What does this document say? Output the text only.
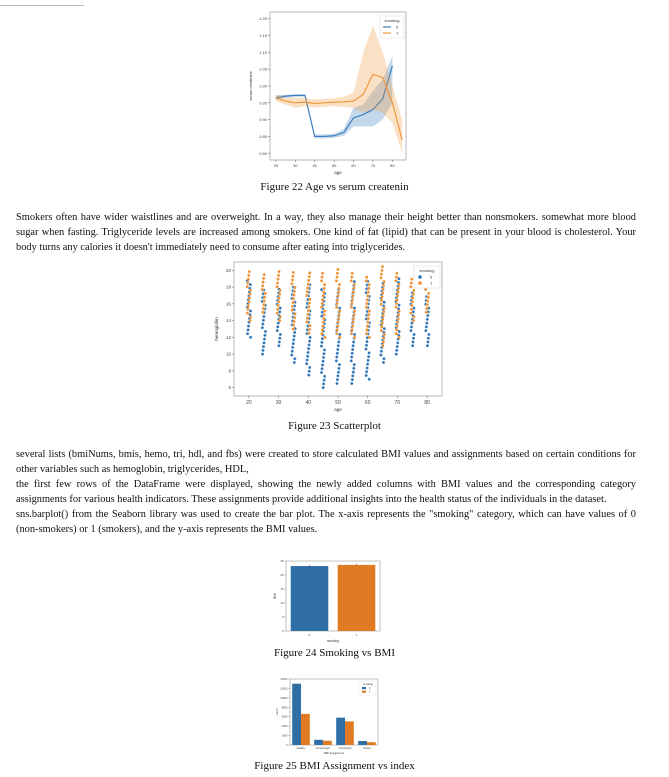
0.80
0.85
0.90
0.95
1.00
1.05
1.10
1.15
1.20
20	30	40	50	60	70	80
age
serum creatinine
smoking
0
1
Figure 22 Age vs serum createnin

Smokers often have wider waistlines and are overweight. In a way, they also manage their height better than nonsmokers. somewhat more blood sugar when fasting. Triglyceride levels are increased among smokers. One kind of fat (lipid) that can be present in your blood is cholesterol. Your body turns any calories it doesn't immediately need to consume after eating into triglycerides.

6
8
10
12
14
16
18
20
20	30	40	50	60	70	80
age
hemoglobin
smoking
0
1
Figure 23 Scatterplot

several lists (bmiNums, bmis, hemo, tri, hdl, and fbs) were created to store calculated BMI values and assignments based on certain conditions for other variables such as hemoglobin, triglycerides, HDL,

the first few rows of the DataFrame were displayed, showing the newly added columns with BMI values and the corresponding category assignments for various health indicators. These assignments provide additional insights into the health status of the individuals in the dataset.

sns.barplot() from the Seaborn library was used to create the bar plot. The x-axis represents the "smoking" category, which can have values of 0 (non-smokers) or 1 (smokers), and the y-axis represents the BMI values.

0
5
10
15
20
25
0	1
smoking
BMI
Figure 24 Smoking vs BMI
0
2000
4000
6000
8000
10000
12000
14000
Healthy	Underweight	Overweight	Obese
BMI assignment
count
smoking
0
1
Figure 25 BMI Assignment vs index
